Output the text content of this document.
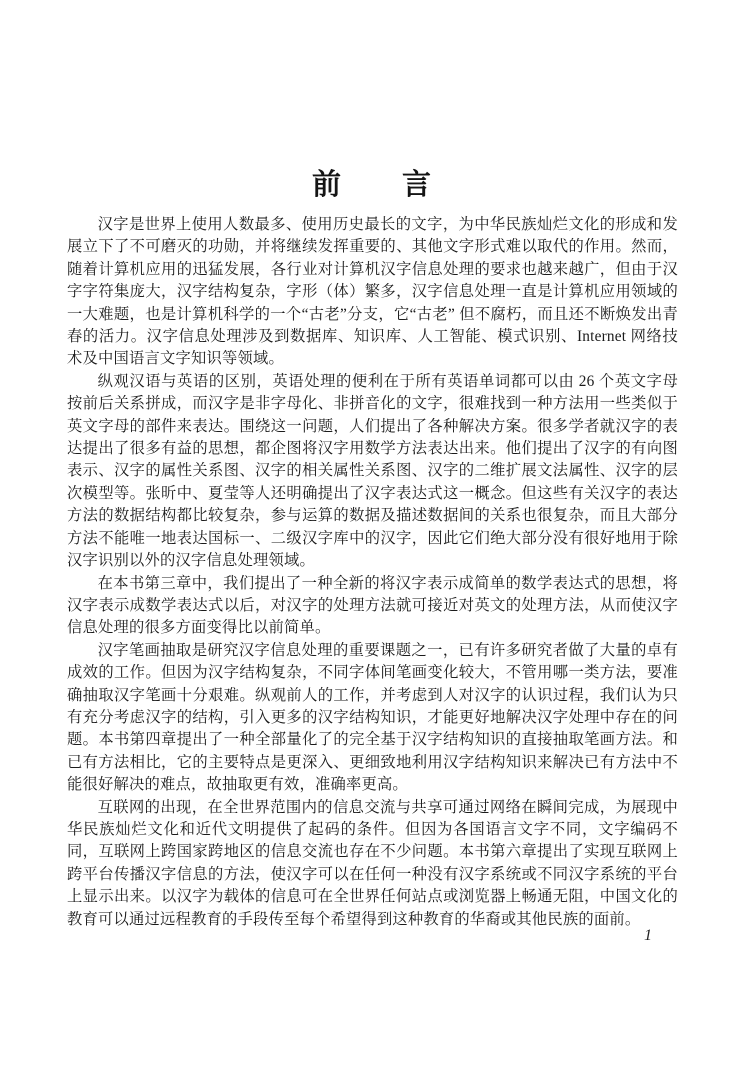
前　　言

汉字是世界上使用人数最多、使用历史最长的文字，为中华民族灿烂文化的形成和发展立下了不可磨灭的功勋，并将继续发挥重要的、其他文字形式难以取代的作用。然而，随着计算机应用的迅猛发展，各行业对计算机汉字信息处理的要求也越来越广，但由于汉字字符集庞大，汉字结构复杂，字形（体）繁多，汉字信息处理一直是计算机应用领域的一大难题，也是计算机科学的一个“古老”分支，它“古老” 但不腐朽，而且还不断焕发出青春的活力。汉字信息处理涉及到数据库、知识库、人工智能、模式识别、Internet 网络技术及中国语言文字知识等领域。

纵观汉语与英语的区别，英语处理的便利在于所有英语单词都可以由 26 个英文字母按前后关系拼成，而汉字是非字母化、非拼音化的文字，很难找到一种方法用一些类似于英文字母的部件来表达。围绕这一问题，人们提出了各种解决方案。很多学者就汉字的表达提出了很多有益的思想，都企图将汉字用数学方法表达出来。他们提出了汉字的有向图表示、汉字的属性关系图、汉字的相关属性关系图、汉字的二维扩展文法属性、汉字的层次模型等。张昕中、夏莹等人还明确提出了汉字表达式这一概念。但这些有关汉字的表达方法的数据结构都比较复杂，参与运算的数据及描述数据间的关系也很复杂，而且大部分方法不能唯一地表达国标一、二级汉字库中的汉字，因此它们绝大部分没有很好地用于除汉字识别以外的汉字信息处理领域。

在本书第三章中，我们提出了一种全新的将汉字表示成简单的数学表达式的思想，将汉字表示成数学表达式以后，对汉字的处理方法就可接近对英文的处理方法，从而使汉字信息处理的很多方面变得比以前简单。

汉字笔画抽取是研究汉字信息处理的重要课题之一，已有许多研究者做了大量的卓有成效的工作。但因为汉字结构复杂，不同字体间笔画变化较大，不管用哪一类方法，要准确抽取汉字笔画十分艰难。纵观前人的工作，并考虑到人对汉字的认识过程，我们认为只有充分考虑汉字的结构，引入更多的汉字结构知识，才能更好地解决汉字处理中存在的问题。本书第四章提出了一种全部量化了的完全基于汉字结构知识的直接抽取笔画方法。和已有方法相比，它的主要特点是更深入、更细致地利用汉字结构知识来解决已有方法中不能很好解决的难点，故抽取更有效，准确率更高。

互联网的出现，在全世界范围内的信息交流与共享可通过网络在瞬间完成，为展现中华民族灿烂文化和近代文明提供了起码的条件。但因为各国语言文字不同，文字编码不同，互联网上跨国家跨地区的信息交流也存在不少问题。本书第六章提出了实现互联网上跨平台传播汉字信息的方法，使汉字可以在任何一种没有汉字系统或不同汉字系统的平台上显示出来。以汉字为载体的信息可在全世界任何站点或浏览器上畅通无阻，中国文化的教育可以通过远程教育的手段传至每个希望得到这种教育的华裔或其他民族的面前。

1
